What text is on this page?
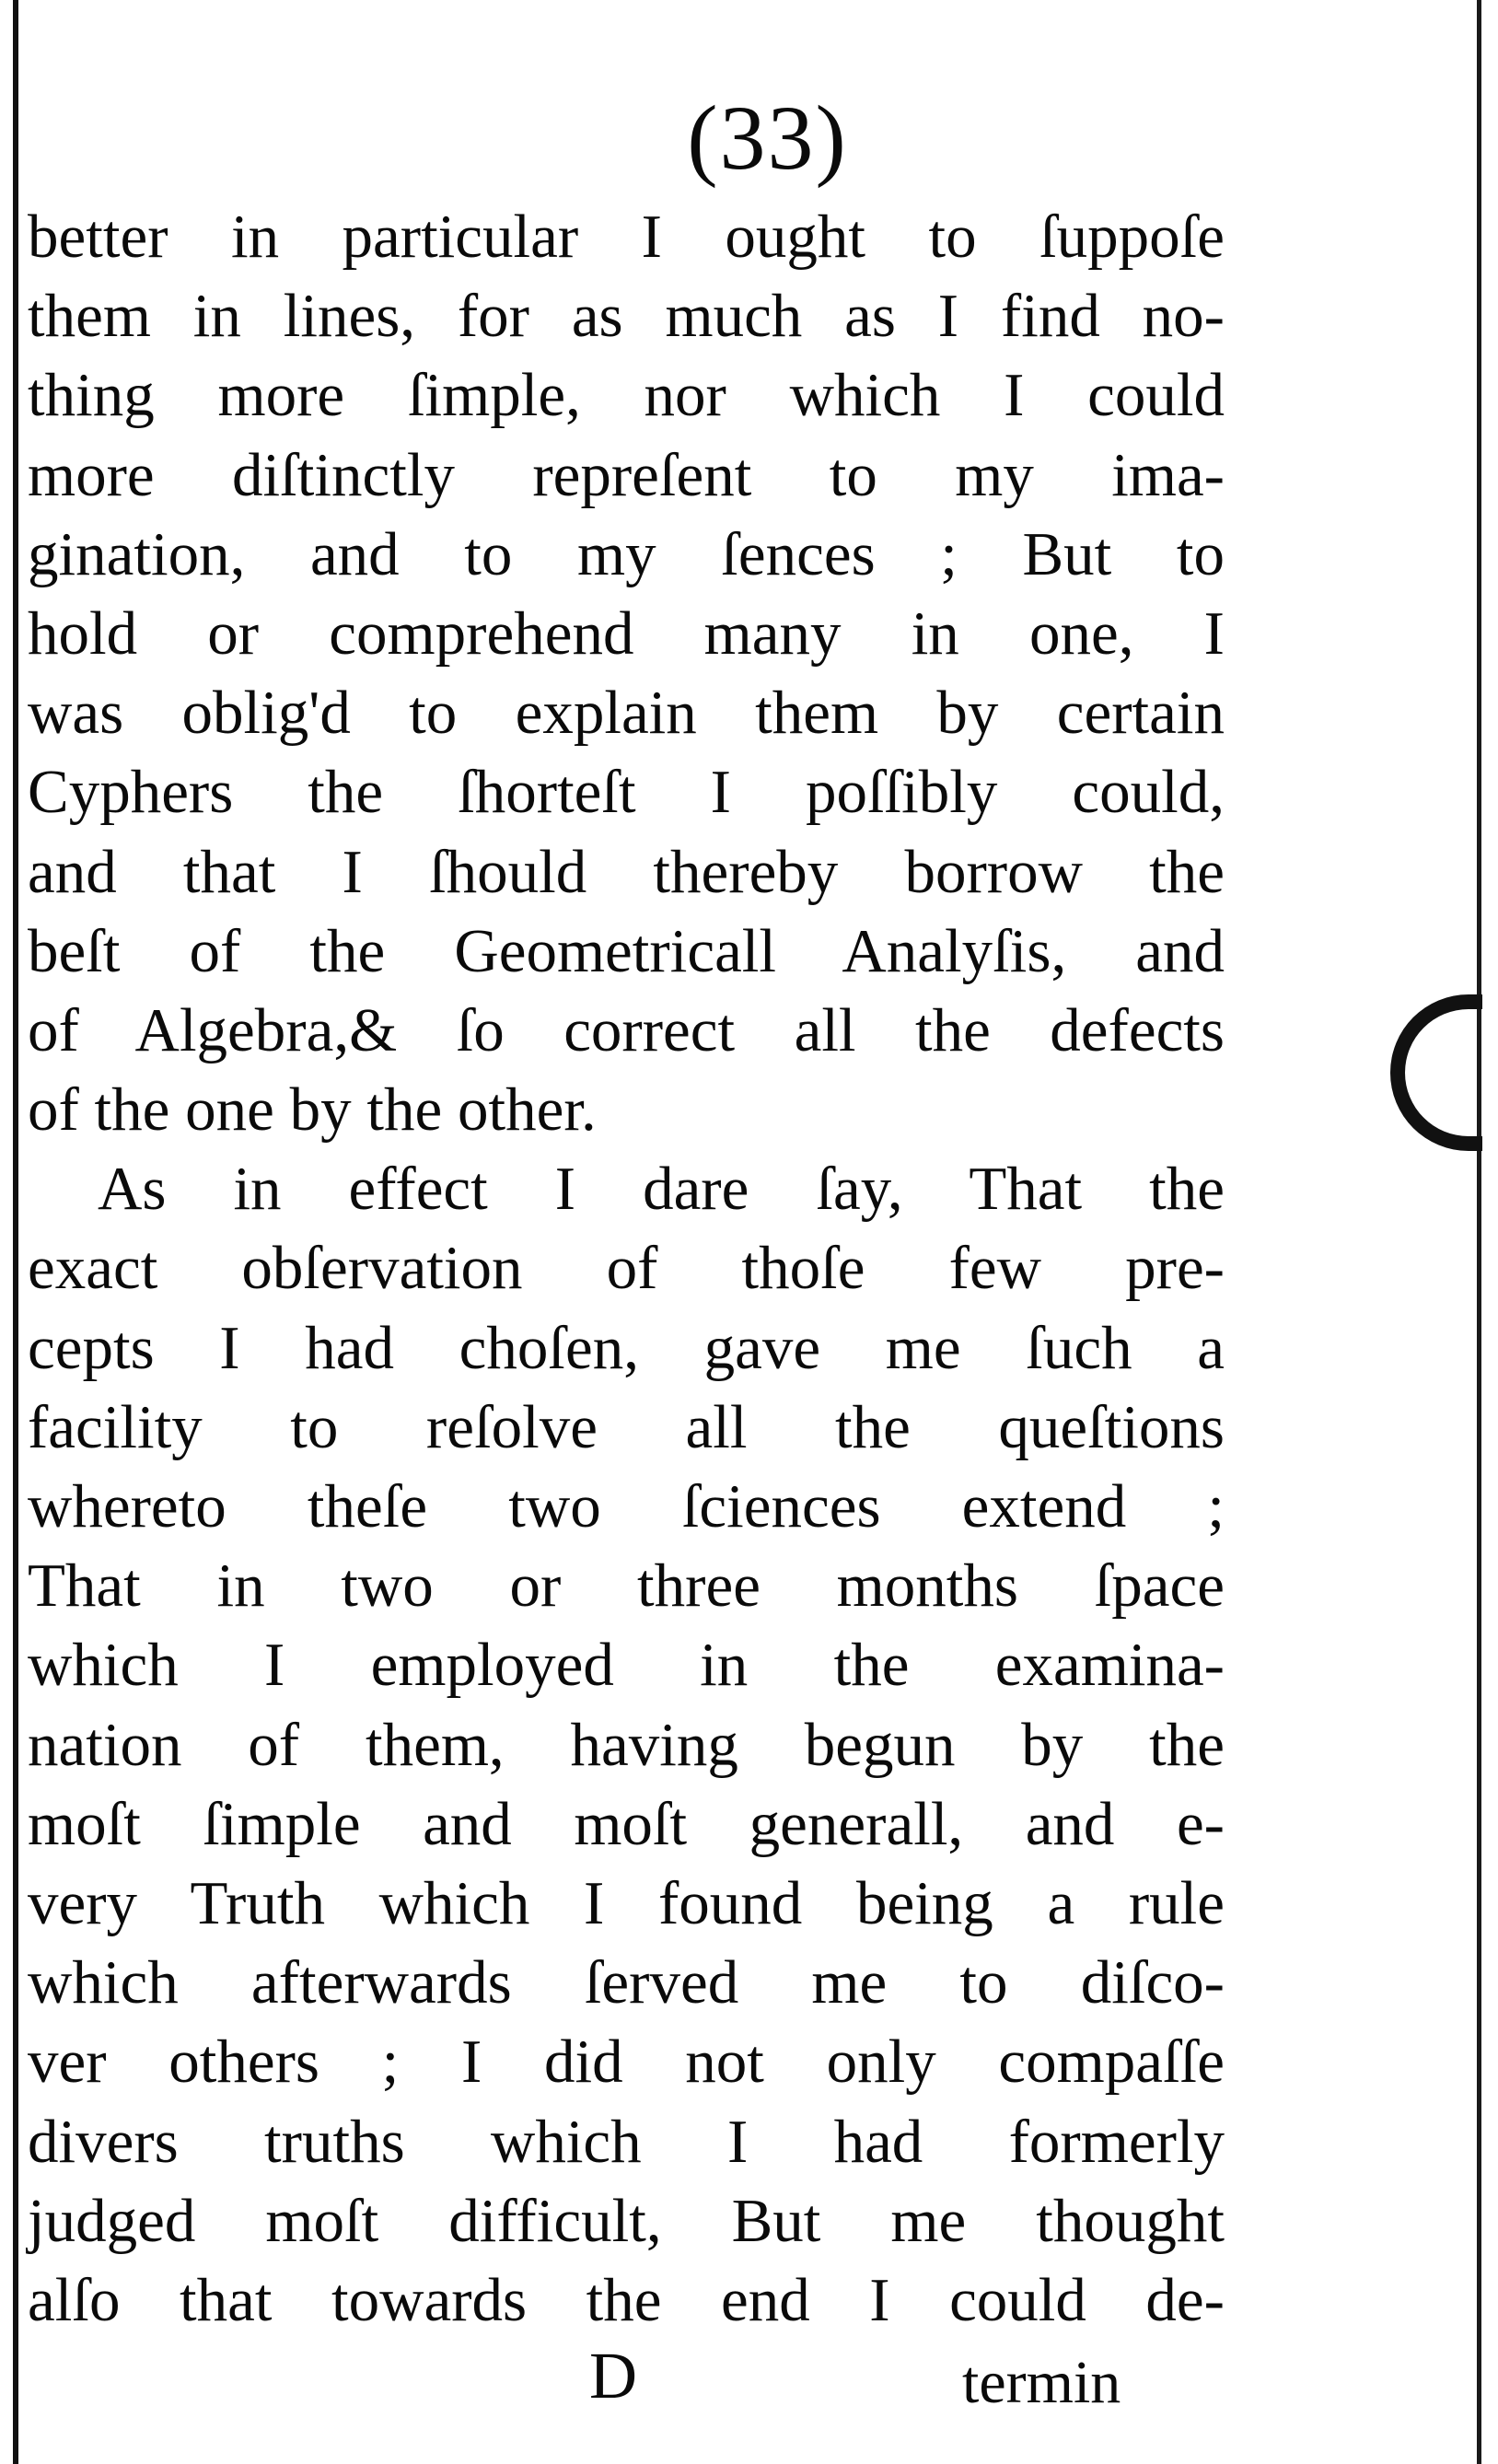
(33)
better in particular I ought to ſuppoſe
them in lines, for as much as I find no-
thing more ſimple, nor which I could
more diſtinctly repreſent to my ima-
gination, and to my ſences ; But to
hold or comprehend many in one, I
was oblig'd to explain them by certain
Cyphers the ſhorteſt I poſſibly could,
and that I ſhould thereby borrow the
beſt of the Geometricall Analyſis, and
of Algebra,& ſo correct all the defects
of the one by the other.
As in effect I dare ſay, That the
exact obſervation of thoſe few pre-
cepts I had choſen, gave me ſuch a
facility to reſolve all the queſtions
whereto theſe two ſciences extend ;
That in two or three months ſpace
which I employed in the examina-
nation of them, having begun by the
moſt ſimple and moſt generall, and e-
very Truth which I found being a rule
which afterwards ſerved me to diſco-
ver others ; I did not only compaſſe
divers truths which I had formerly
judged moſt difficult, But me thought
alſo that towards the end I could de-
D	termin
